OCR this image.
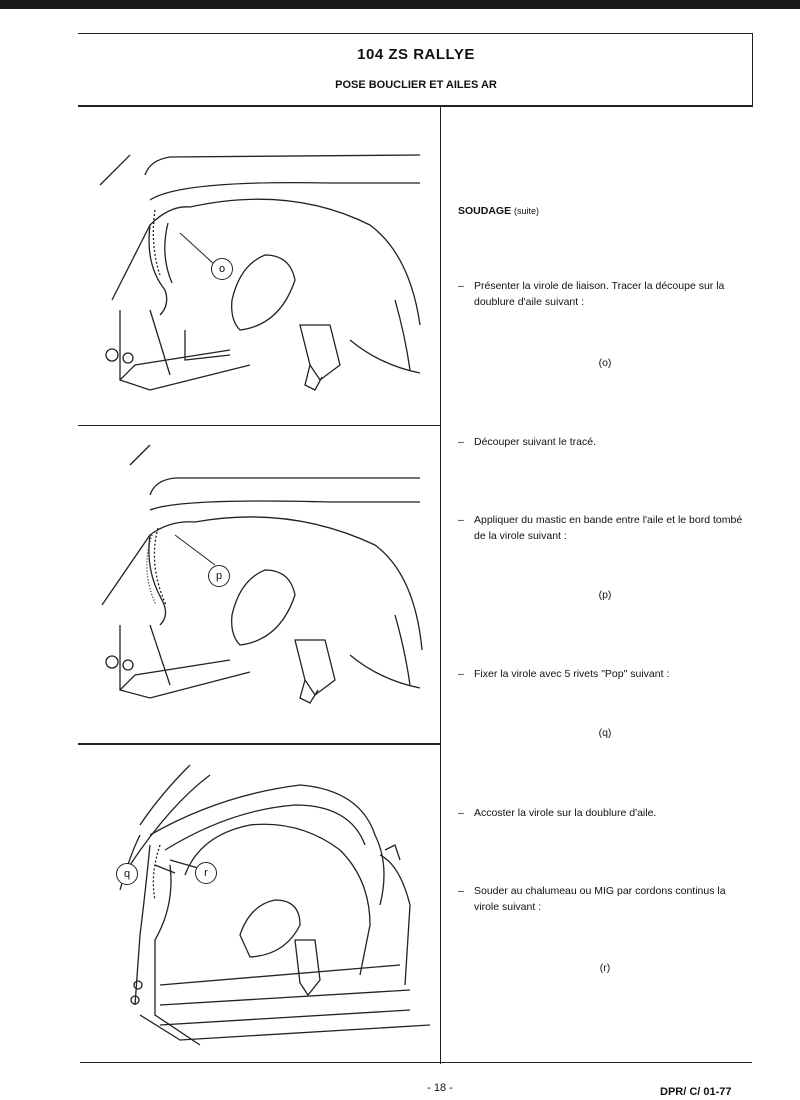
104 ZS RALLYE
POSE BOUCLIER ET AILES AR
SOUDAGE (suite)
– Présenter la virole de liaison. Tracer la découpe sur la doublure d'aile suivant :
(o)
– Découper suivant le tracé.
– Appliquer du mastic en bande entre l'aile et le bord tombé de la virole suivant :
(p)
– Fixer la virole avec 5 rivets "Pop" suivant :
(q)
– Accoster la virole sur la doublure d'aile.
– Souder au chalumeau ou MIG par cordons continus la virole suivant :
(r)
o
p
q	r
- 18 -	DPR/ C/ 01-77
